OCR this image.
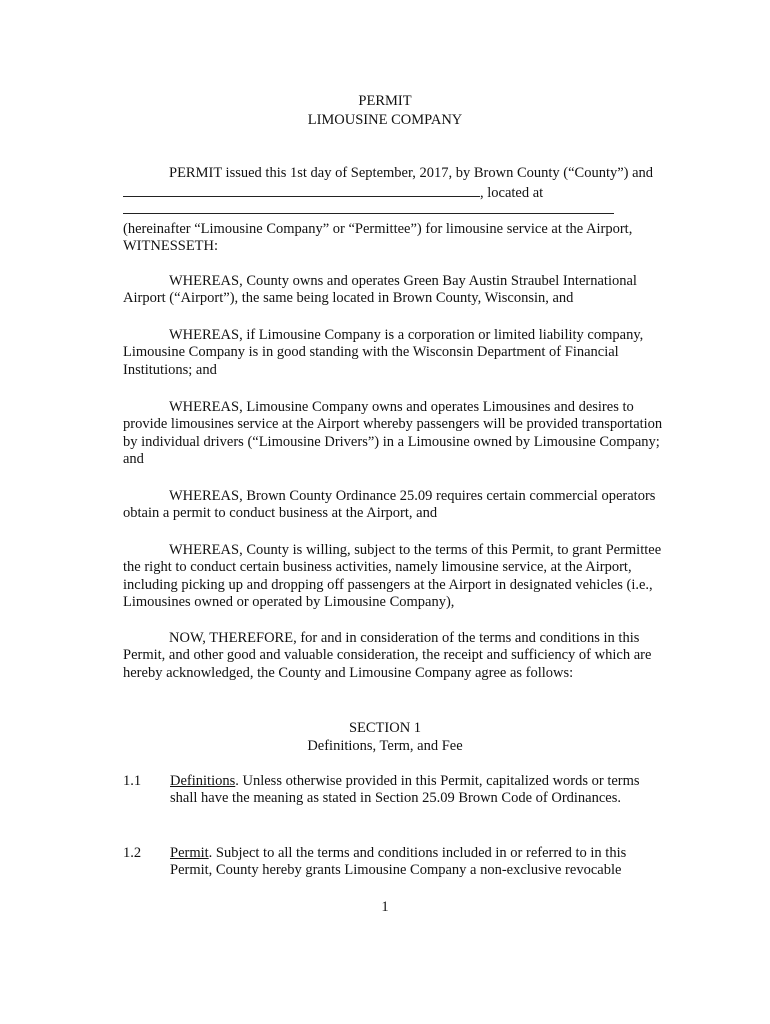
PERMIT
LIMOUSINE COMPANY

PERMIT issued this 1st day of September, 2017, by Brown County (“County”) and

, located at

(hereinafter “Limousine Company” or “Permittee”) for limousine service at the Airport, WITNESSETH:

WHEREAS, County owns and operates Green Bay Austin Straubel International Airport (“Airport”), the same being located in Brown County, Wisconsin, and

WHEREAS, if Limousine Company is a corporation or limited liability company, Limousine Company is in good standing with the Wisconsin Department of Financial Institutions; and

WHEREAS, Limousine Company owns and operates Limousines and desires to provide limousines service at the Airport whereby passengers will be provided transportation by individual drivers (“Limousine Drivers”) in a Limousine owned by Limousine Company; and

WHEREAS, Brown County Ordinance 25.09 requires certain commercial operators obtain a permit to conduct business at the Airport, and

WHEREAS, County is willing, subject to the terms of this Permit, to grant Permittee the right to conduct certain business activities, namely limousine service, at the Airport, including picking up and dropping off passengers at the Airport in designated vehicles (i.e., Limousines owned or operated by Limousine Company),

NOW, THEREFORE, for and in consideration of the terms and conditions in this Permit, and other good and valuable consideration, the receipt and sufficiency of which are hereby acknowledged, the County and Limousine Company agree as follows:

SECTION 1
Definitions, Term, and Fee
1.1 Definitions. Unless otherwise provided in this Permit, capitalized words or terms shall have the meaning as stated in Section 25.09 Brown Code of Ordinances.

1.2 Permit. Subject to all the terms and conditions included in or referred to in this Permit, County hereby grants Limousine Company a non-exclusive revocable

1
